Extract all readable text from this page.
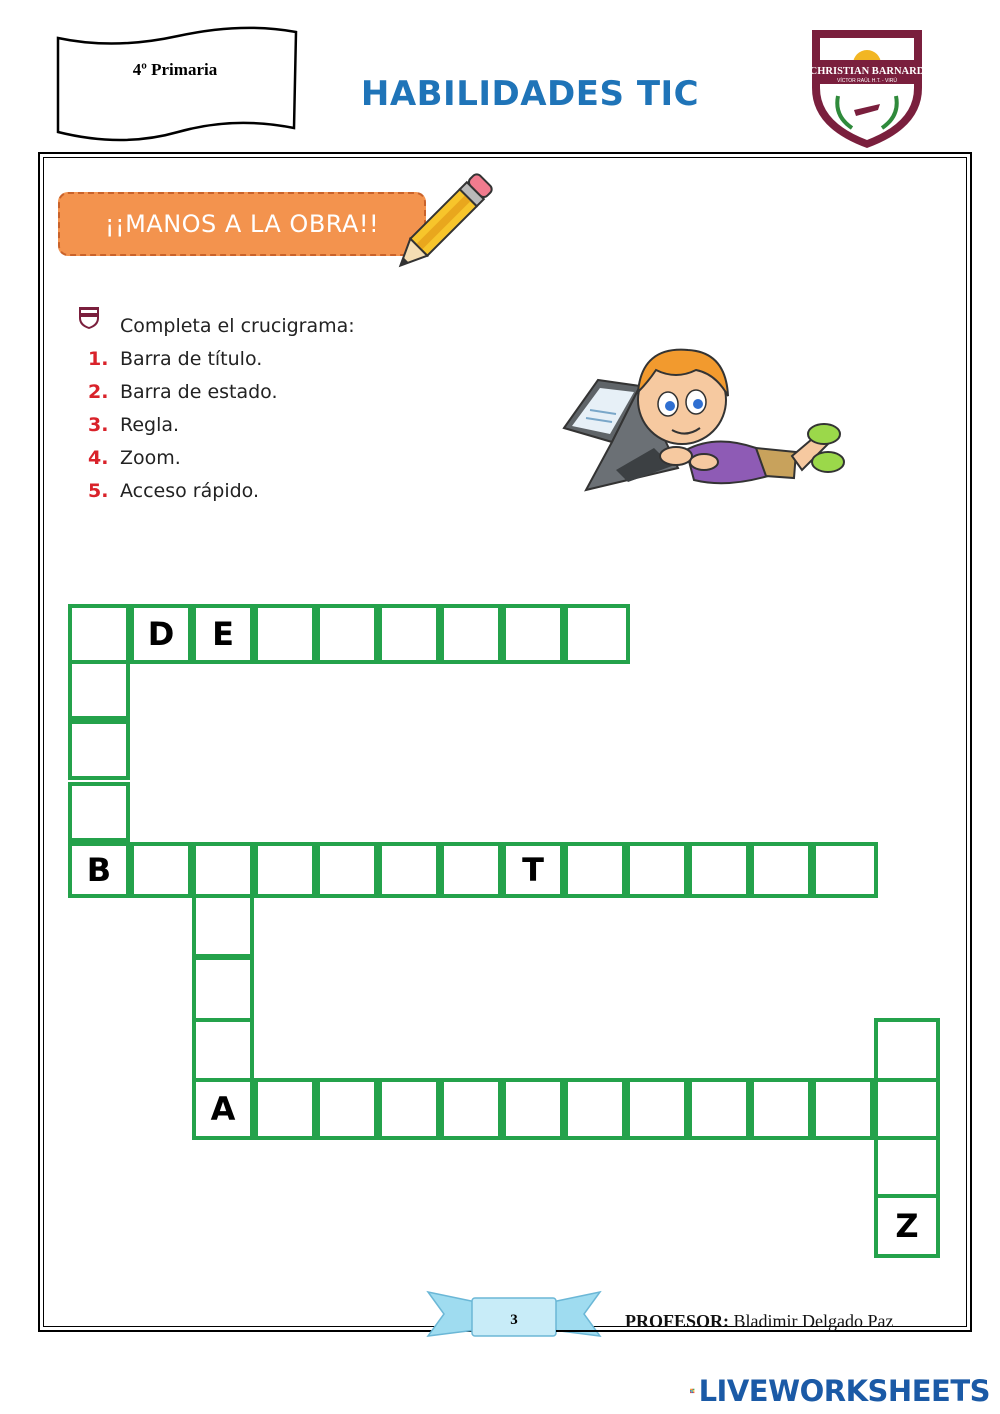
4º Primaria
HABILIDADES TIC
CHRISTIAN BARNARD
VÍCTOR RAÚL H.T. - VIRÚ
¡¡MANOS A LA OBRA!!
Completa el crucigrama:
1. Barra de título.
2. Barra de estado.
3. Regla.
4. Zoom.
5. Acceso rápido.
D	E
B	T
A
Z
3	PROFESOR: Bladimir Delgado Paz
LIVEWORKSHEETS
